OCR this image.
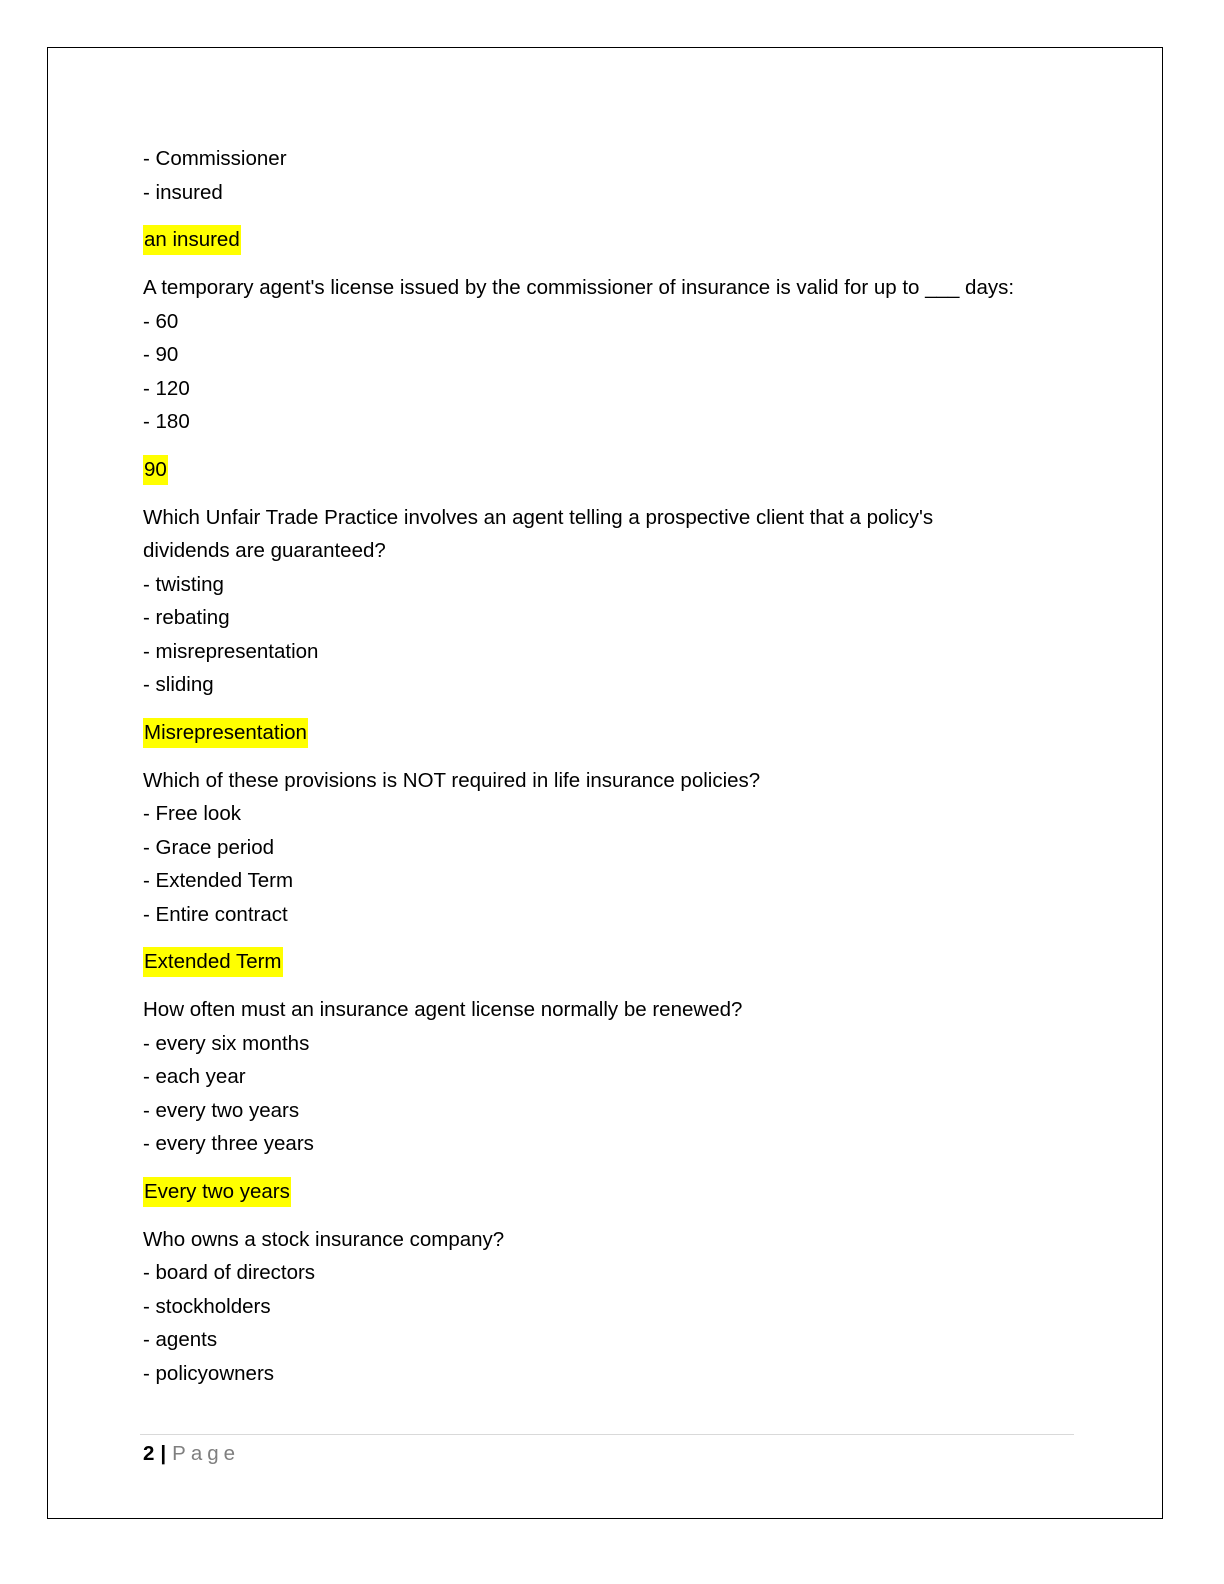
- Commissioner
- insured
an insured
A temporary agent's license issued by the commissioner of insurance is valid for up to ___ days:
- 60
- 90
- 120
- 180
90
Which Unfair Trade Practice involves an agent telling a prospective client that a policy's dividends are guaranteed?
- twisting
- rebating
- misrepresentation
- sliding
Misrepresentation
Which of these provisions is NOT required in life insurance policies?
- Free look
- Grace period
- Extended Term
- Entire contract
Extended Term
How often must an insurance agent license normally be renewed?
- every six months
- each year
- every two years
- every three years
Every two years
Who owns a stock insurance company?
- board of directors
- stockholders
- agents
- policyowners
2 | Page
